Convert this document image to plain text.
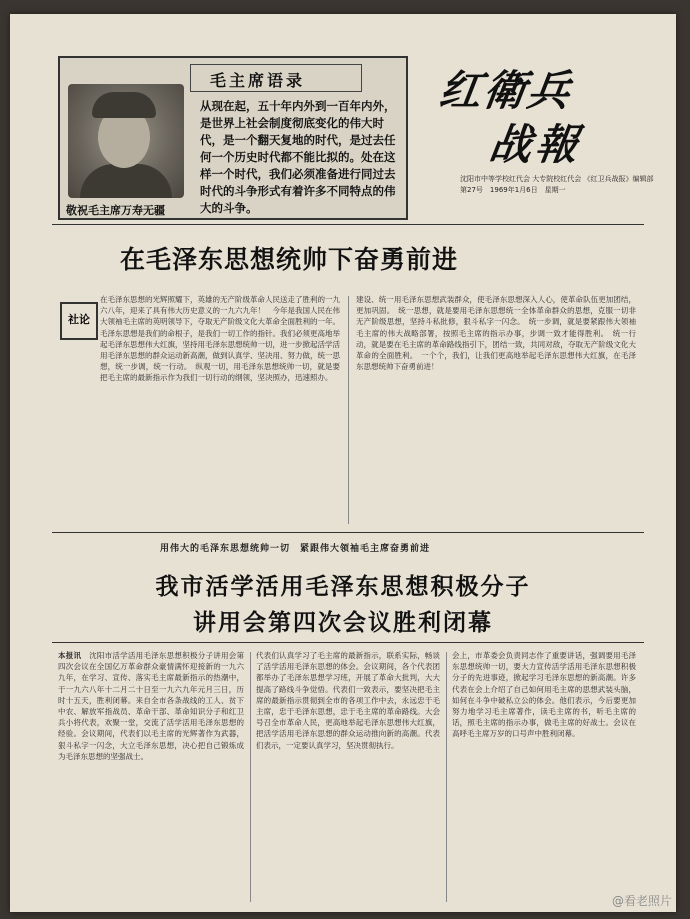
毛主席语录
敬祝毛主席万寿无疆
从现在起，五十年内外到一百年内外，是世界上社会制度彻底变化的伟大时代，是一个翻天复地的时代，是过去任何一个历史时代都不能比拟的。处在这样一个时代，我们必须准备进行同过去时代的斗争形式有着许多不同特点的伟大的斗争。
红衛兵
战報
沈阳市中等学校红代会 大专院校红代会 《红卫兵战报》编辑部
第27号　1969年1月6日　星期一
在毛泽东思想统帅下奋勇前进
社论
在毛泽东思想的光辉照耀下，英雄的无产阶级革命人民送走了胜利的一九六八年，迎来了具有伟大历史意义的一九六九年！　今年是我国人民在伟大领袖毛主席的英明领导下，夺取无产阶级文化大革命全面胜利的一年。毛泽东思想是我们的命根子，是我们一切工作的指针。我们必须更高地举起毛泽东思想伟大红旗，坚持用毛泽东思想统帅一切，进一步掀起活学活用毛泽东思想的群众运动新高潮，做到认真学、坚决用、努力做，统一思想，统一步调，统一行动。　纵观一切，用毛泽东思想统帅一切，就是要把毛主席的最新指示作为我们一切行动的纲领，坚决照办，迅速照办。
建设、统一用毛泽东思想武装群众，使毛泽东思想深入人心，使革命队伍更加团结，更加巩固。　统一思想，就是要用毛泽东思想统一全体革命群众的思想，克服一切非无产阶级思想，坚持斗私批修，狠斗私字一闪念。　统一步调，就是要紧跟伟大领袖毛主席的伟大战略部署，按照毛主席的指示办事，步调一致才能得胜利。　统一行动，就是要在毛主席的革命路线指引下，团结一致，共同对敌，夺取无产阶级文化大革命的全面胜利。　一个个，我们，让我们更高地举起毛泽东思想伟大红旗，在毛泽东思想统帅下奋勇前进！
用伟大的毛泽东思想统帅一切　紧跟伟大领袖毛主席奋勇前进
我市活学活用毛泽东思想积极分子
讲用会第四次会议胜利闭幕
本报讯　 沈阳市活学活用毛泽东思想积极分子讲用会第四次会议在全国亿万革命群众豪情满怀迎接新的一九六九年，在学习、宣传、落实毛主席最新指示的热潮中，于一九六八年十二月二十日至一九六九年元月三日，历时十五天，胜利闭幕。来自全市各条战线的工人、贫下中农、解放军指战员、革命干部、革命知识分子和红卫兵小将代表，欢聚一堂，交流了活学活用毛泽东思想的经验。会议期间，代表们以毛主席的光辉著作为武器，狠斗私字一闪念，大立毛泽东思想，决心把自己锻炼成为毛泽东思想的坚强战士。
代表们认真学习了毛主席的最新指示，联系实际，畅谈了活学活用毛泽东思想的体会。会议期间，各个代表团都举办了毛泽东思想学习班，开展了革命大批判，大大提高了路线斗争觉悟。代表们一致表示，要坚决把毛主席的最新指示贯彻到全市的各项工作中去，永远忠于毛主席，忠于毛泽东思想，忠于毛主席的革命路线。大会号召全市革命人民，更高地举起毛泽东思想伟大红旗，把活学活用毛泽东思想的群众运动推向新的高潮。代表们表示，一定要认真学习，坚决贯彻执行。
会上，市革委会负责同志作了重要讲话，强调要用毛泽东思想统帅一切，要大力宣传活学活用毛泽东思想积极分子的先进事迹，掀起学习毛泽东思想的新高潮。许多代表在会上介绍了自己如何用毛主席的思想武装头脑，如何在斗争中破私立公的体会。他们表示，今后要更加努力地学习毛主席著作，读毛主席的书，听毛主席的话，照毛主席的指示办事，做毛主席的好战士。会议在高呼毛主席万岁的口号声中胜利闭幕。
@看老照片
